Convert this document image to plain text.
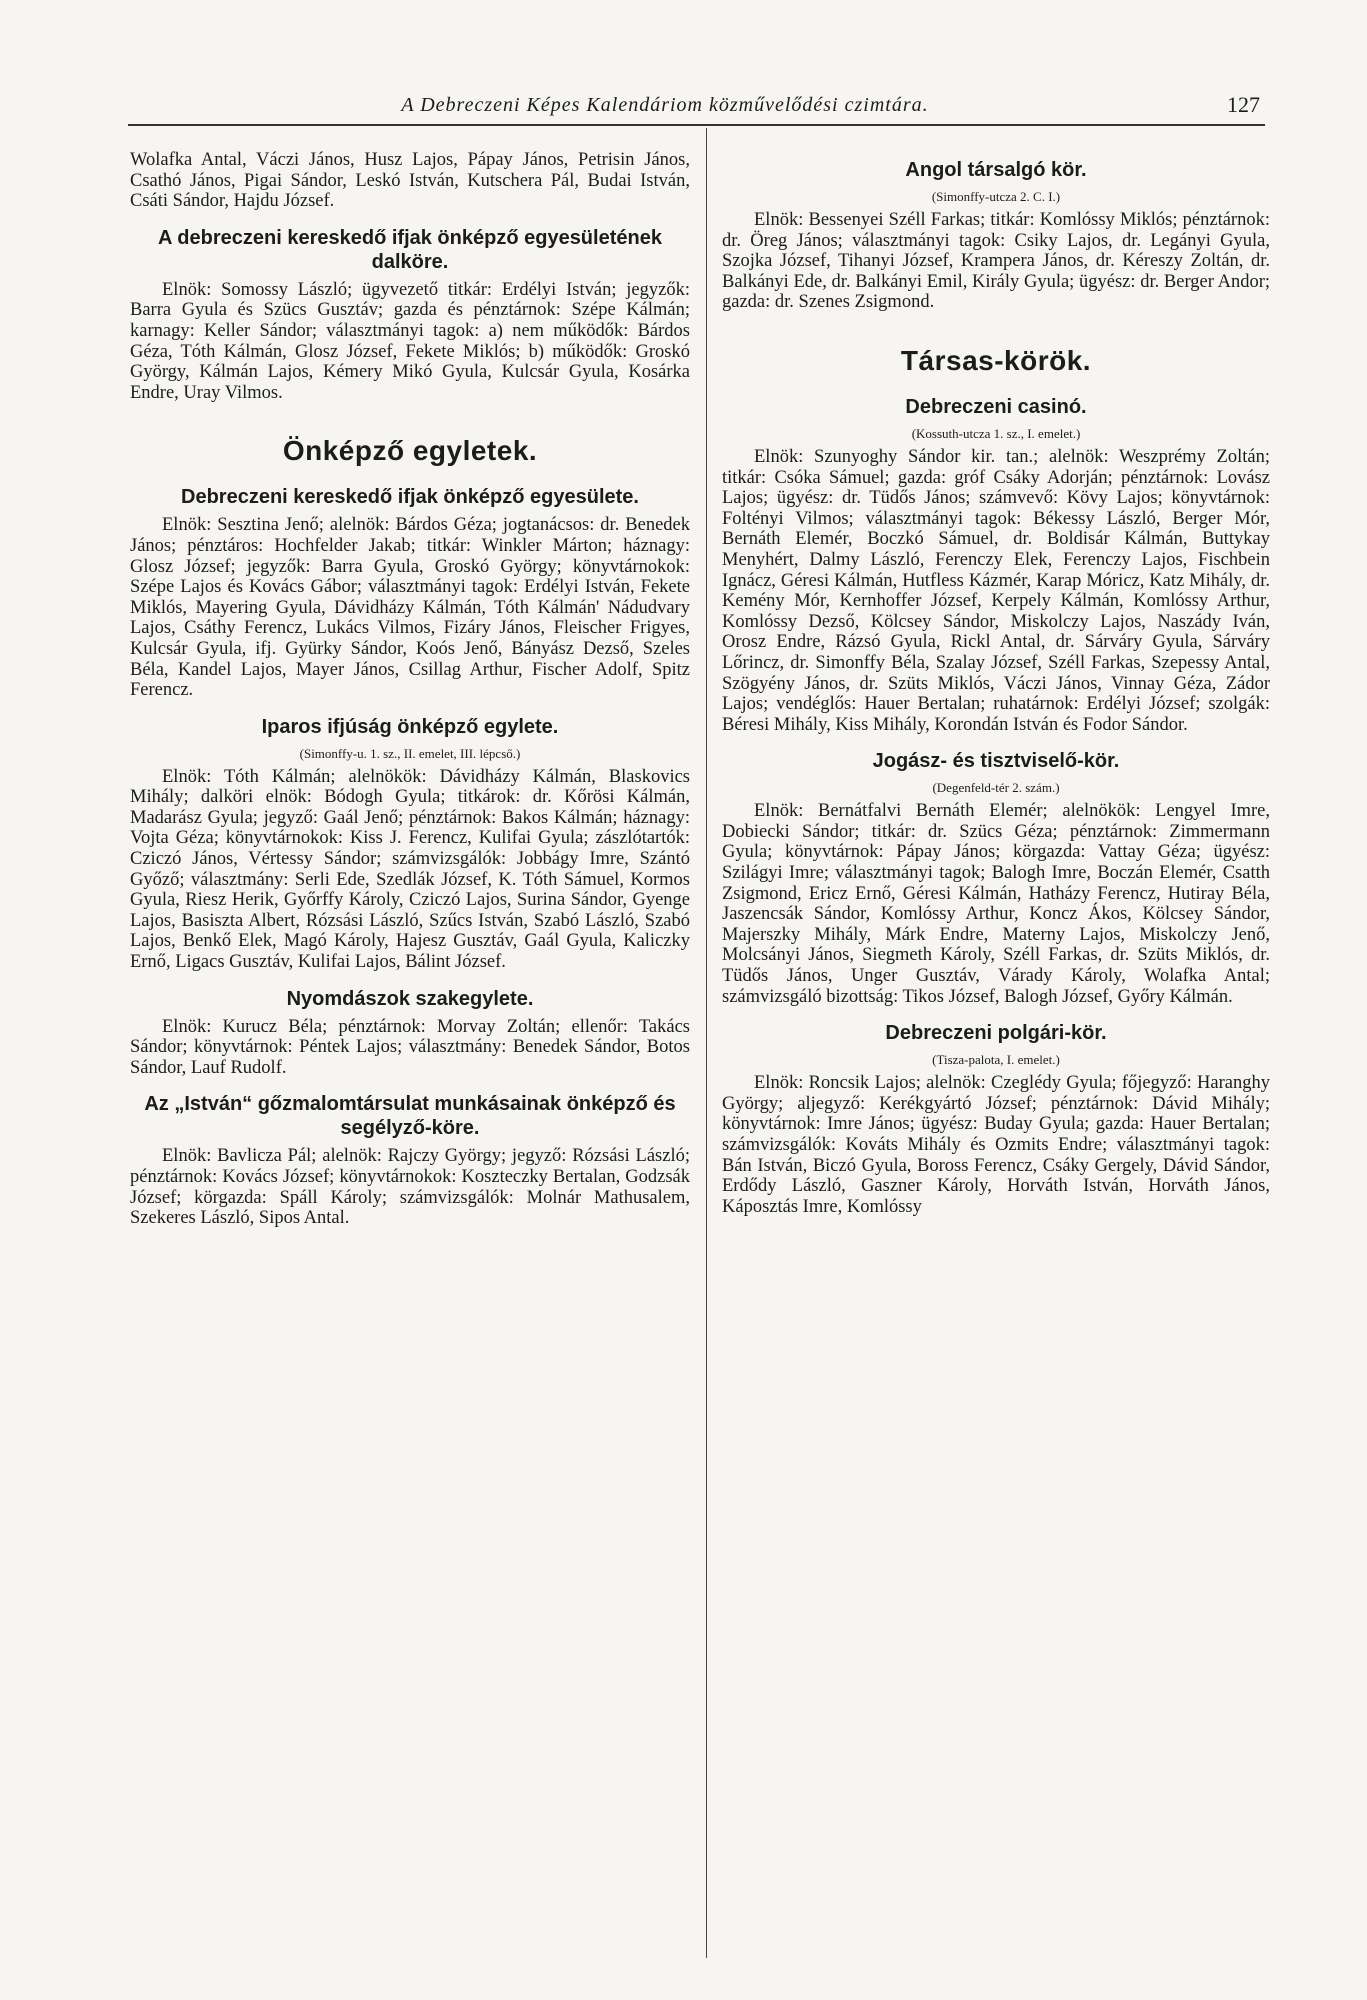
A Debreczeni Képes Kalendáriom közművelődési czimtára.	127

Wolafka Antal, Váczi János, Husz Lajos, Pápay János, Petrisin János, Csathó János, Pigai Sándor, Leskó István, Kutschera Pál, Budai István, Csáti Sándor, Hajdu József.

A debreczeni kereskedő ifjak önképző egyesületének dalköre.

Elnök: Somossy László; ügyvezető titkár: Erdélyi István; jegyzők: Barra Gyula és Szücs Gusztáv; gazda és pénztárnok: Szépe Kálmán; karnagy: Keller Sándor; választmányi tagok: a) nem működők: Bárdos Géza, Tóth Kálmán, Glosz József, Fekete Miklós; b) működők: Groskó György, Kálmán Lajos, Kémery Mikó Gyula, Kulcsár Gyula, Kosárka Endre, Uray Vilmos.

Önképző egyletek.
Debreczeni kereskedő ifjak önképző egyesülete.

Elnök: Sesztina Jenő; alelnök: Bárdos Géza; jogtanácsos: dr. Benedek János; pénztáros: Hochfelder Jakab; titkár: Winkler Márton; háznagy: Glosz József; jegyzők: Barra Gyula, Groskó György; könyvtárnokok: Szépe Lajos és Kovács Gábor; választmányi tagok: Erdélyi István, Fekete Miklós, Mayering Gyula, Dávidházy Kálmán, Tóth Kálmán' Nádudvary Lajos, Csáthy Ferencz, Lukács Vilmos, Fizáry János, Fleischer Frigyes, Kulcsár Gyula, ifj. Gyürky Sándor, Koós Jenő, Bányász Dezső, Szeles Béla, Kandel Lajos, Mayer János, Csillag Arthur, Fischer Adolf, Spitz Ferencz.

Iparos ifjúság önképző egylete.
(Simonffy-u. 1. sz., II. emelet, III. lépcső.)

Elnök: Tóth Kálmán; alelnökök: Dávidházy Kálmán, Blaskovics Mihály; dalköri elnök: Bódogh Gyula; titkárok: dr. Kőrösi Kálmán, Madarász Gyula; jegyző: Gaál Jenő; pénztárnok: Bakos Kálmán; háznagy: Vojta Géza; könyvtárnokok: Kiss J. Ferencz, Kulifai Gyula; zászlótartók: Cziczó János, Vértessy Sándor; számvizsgálók: Jobbágy Imre, Szántó Győző; választmány: Serli Ede, Szedlák József, K. Tóth Sámuel, Kormos Gyula, Riesz Herik, Győrffy Károly, Cziczó Lajos, Surina Sándor, Gyenge Lajos, Basiszta Albert, Rózsási László, Szűcs István, Szabó László, Szabó Lajos, Benkő Elek, Magó Károly, Hajesz Gusztáv, Gaál Gyula, Kaliczky Ernő, Ligacs Gusztáv, Kulifai Lajos, Bálint József.

Nyomdászok szakegylete.

Elnök: Kurucz Béla; pénztárnok: Morvay Zoltán; ellenőr: Takács Sándor; könyvtárnok: Péntek Lajos; választmány: Benedek Sándor, Botos Sándor, Lauf Rudolf.

Az „István“ gőzmalomtársulat munkásainak önképző és segélyző-köre.

Elnök: Bavlicza Pál; alelnök: Rajczy György; jegyző: Rózsási László; pénztárnok: Kovács József; könyvtárnokok: Koszteczky Bertalan, Godzsák József; körgazda: Spáll Károly; számvizsgálók: Molnár Mathusalem, Szekeres László, Sipos Antal.

Angol társalgó kör.
(Simonffy-utcza 2. C. I.)

Elnök: Bessenyei Széll Farkas; titkár: Komlóssy Miklós; pénztárnok: dr. Öreg János; választmányi tagok: Csiky Lajos, dr. Legányi Gyula, Szojka József, Tihanyi József, Krampera János, dr. Kéreszy Zoltán, dr. Balkányi Ede, dr. Balkányi Emil, Király Gyula; ügyész: dr. Berger Andor; gazda: dr. Szenes Zsigmond.

Társas-körök.
Debreczeni casinó.
(Kossuth-utcza 1. sz., I. emelet.)

Elnök: Szunyoghy Sándor kir. tan.; alelnök: Weszprémy Zoltán; titkár: Csóka Sámuel; gazda: gróf Csáky Adorján; pénztárnok: Lovász Lajos; ügyész: dr. Tüdős János; számvevő: Kövy Lajos; könyvtárnok: Foltényi Vilmos; választmányi tagok: Békessy László, Berger Mór, Bernáth Elemér, Boczkó Sámuel, dr. Boldisár Kálmán, Buttykay Menyhért, Dalmy László, Ferenczy Elek, Ferenczy Lajos, Fischbein Ignácz, Géresi Kálmán, Hutfless Kázmér, Karap Móricz, Katz Mihály, dr. Kemény Mór, Kernhoffer József, Kerpely Kálmán, Komlóssy Arthur, Komlóssy Dezső, Kölcsey Sándor, Miskolczy Lajos, Naszády Iván, Orosz Endre, Rázsó Gyula, Rickl Antal, dr. Sárváry Gyula, Sárváry Lőrincz, dr. Simonffy Béla, Szalay József, Széll Farkas, Szepessy Antal, Szögyény János, dr. Szüts Miklós, Váczi János, Vinnay Géza, Zádor Lajos; vendéglős: Hauer Bertalan; ruhatárnok: Erdélyi József; szolgák: Béresi Mihály, Kiss Mihály, Korondán István és Fodor Sándor.

Jogász- és tisztviselő-kör.
(Degenfeld-tér 2. szám.)

Elnök: Bernátfalvi Bernáth Elemér; alelnökök: Lengyel Imre, Dobiecki Sándor; titkár: dr. Szücs Géza; pénztárnok: Zimmermann Gyula; könyvtárnok: Pápay János; körgazda: Vattay Géza; ügyész: Szilágyi Imre; választmányi tagok; Balogh Imre, Boczán Elemér, Csatth Zsigmond, Ericz Ernő, Géresi Kálmán, Hatházy Ferencz, Hutiray Béla, Jaszencsák Sándor, Komlóssy Arthur, Koncz Ákos, Kölcsey Sándor, Majerszky Mihály, Márk Endre, Materny Lajos, Miskolczy Jenő, Molcsányi János, Siegmeth Károly, Széll Farkas, dr. Szüts Miklós, dr. Tüdős János, Unger Gusztáv, Várady Károly, Wolafka Antal; számvizsgáló bizottság: Tikos József, Balogh József, Győry Kálmán.

Debreczeni polgári-kör.
(Tisza-palota, I. emelet.)

Elnök: Roncsik Lajos; alelnök: Czeglédy Gyula; főjegyző: Haranghy György; aljegyző: Kerékgyártó József; pénztárnok: Dávid Mihály; könyvtárnok: Imre János; ügyész: Buday Gyula; gazda: Hauer Bertalan; számvizsgálók: Kováts Mihály és Ozmits Endre; választmányi tagok: Bán István, Biczó Gyula, Boross Ferencz, Csáky Gergely, Dávid Sándor, Erdődy László, Gaszner Károly, Horváth István, Horváth János, Káposztás Imre, Komlóssy
